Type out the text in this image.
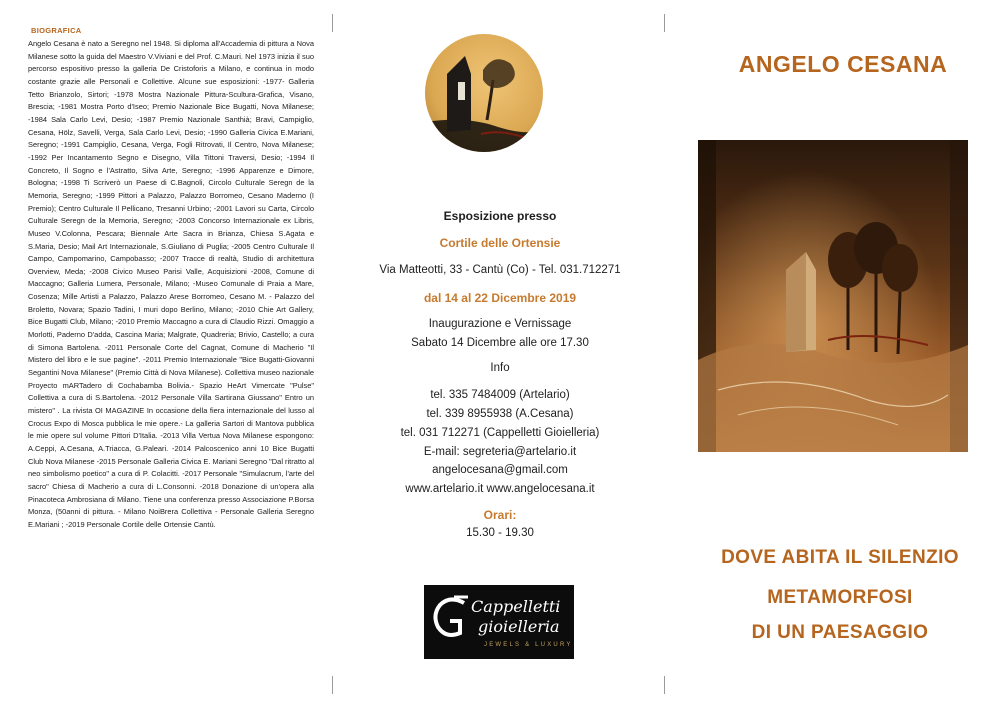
BIOGRAFICA

Angelo Cesana è nato a Seregno nel 1948. Si diploma all'Accademia di pittura a Nova Milanese sotto la guida del Maestro V.Viviani e del Prof. C.Mauri. Nel 1973 inizia il suo percorso espositivo presso la galleria De Cristoforis a Milano, e continua in modo costante grazie alle Personali e Collettive. Alcune sue esposizioni: -1977- Galleria Tetto Brianzolo, Sirtori; -1978 Mostra Nazionale Pittura-Scultura-Grafica, Visano, Brescia; -1981 Mostra Porto d'Iseo; Premio Nazionale Bice Bugatti, Nova Milanese; -1984 Sala Carlo Levi, Desio; -1987 Premio Nazionale Santhià; Bravi, Campiglio, Cesana, Hölz, Savelli, Verga, Sala Carlo Levi, Desio; -1990 Galleria Civica E.Mariani, Seregno; -1991 Campiglio, Cesana, Verga, Fogli Ritrovati, Il Centro, Nova Milanese; -1992 Per Incantamento Segno e Disegno, Villa Tittoni Traversi, Desio; -1994 Il Concreto, Il Sogno e l'Astratto, Silva Arte, Seregno; -1996 Apparenze e Dimore, Bologna; -1998 Ti Scriverò un Paese di C.Bagnoli, Circolo Culturale Seregn de la Memoria, Seregno; -1999 Pittori a Palazzo, Palazzo Borromeo, Cesano Maderno (I Premio); Centro Culturale Il Pellicano, Tresanni Urbino; -2001 Lavori su Carta, Circolo Culturale Seregn de la Memoria, Seregno; -2003 Concorso Internazionale ex Libris, Museo V.Colonna, Pescara; Biennale Arte Sacra in Brianza, Chiesa S.Agata e S.Maria, Desio; Mail Art Internazionale, S.Giuliano di Puglia; -2005 Centro Culturale Il Campo, Campomarino, Campobasso; -2007 Tracce di realtà, Studio di architettura Overview, Meda; -2008 Civico Museo Parisi Valle, Acquisizioni -2008, Comune di Maccagno; Galleria Lumera, Personale, Milano; -Museo Comunale di Praia a Mare, Cosenza; Mille Artisti a Palazzo, Palazzo Arese Borromeo, Cesano M. - Palazzo del Broletto, Novara; Spazio Tadini, I muri dopo Berlino, Milano; -2010 Chie Art Gallery, Bice Bugatti Club, Milano; -2010 Premio Maccagno a cura di Claudio Rizzi. Omaggio a Morlotti, Paderno D'adda, Cascina Maria; Malgrate, Quadreria; Brivio, Castello; a cura di Simona Bartolena. -2011 Personale Corte del Cagnat, Comune di Macherio "Il Mistero del libro e le sue pagine". -2011 Premio Internazionale "Bice Bugatti-Giovanni Segantini Nova Milanese" (Premio Città di Nova Milanese). Collettiva museo nazionale Proyecto mARTadero di Cochabamba Bolivia.- Spazio HeArt Vimercate "Pulse" Collettiva a cura di S.Bartolena. -2012 Personale Villa Sartirana Giussano" Entro un mistero" . La rivista OI MAGAZINE In occasione della fiera internazionale del lusso al Crocus Expo di Mosca pubblica le mie opere.- La galleria Sartori di Mantova pubblica le mie opere sul volume Pittori D'Italia. -2013 Villa Vertua Nova Milanese espongono: A.Ceppi, A.Cesana, A.Triacca, G.Paleari. -2014 Palcoscenico anni 10 Bice Bugatti Club Nova Milanese -2015 Personale Galleria Civica E. Mariani Seregno "Dal ritratto al neo simbolismo poetico" a cura di P. Colacitti. -2017 Personale "Simulacrum, l'arte del sacro" Chiesa di Macherio a cura di L.Consonni. -2018 Donazione di un'opera alla Pinacoteca Ambrosiana di Milano. Tiene una conferenza presso Associazione P.Borsa Monza, (50anni di pittura. - Milano NoiBrera Collettiva - Personale Galleria Seregno E.Mariani ; -2019 Personale Cortile delle Ortensie Cantù.

Esposizione presso
Cortile delle Ortensie
Via Matteotti, 33 - Cantù (Co) - Tel. 031.712271
dal 14 al 22 Dicembre 2019
Inaugurazione e Vernissage
Sabato 14 Dicembre alle ore 17.30
Info
tel. 335 7484009 (Artelario)
tel. 339 8955938 (A.Cesana)
tel. 031 712271 (Cappelletti Gioielleria)
E-mail: segreteria@artelario.it
angelocesana@gmail.com
www.artelario.it www.angelocesana.it
Orari:
15.30 - 19.30
Cappelletti
gioielleria
JEWELS & LUXURY
ANGELO CESANA
DOVE ABITA IL SILENZIO
METAMORFOSI
DI UN PAESAGGIO
